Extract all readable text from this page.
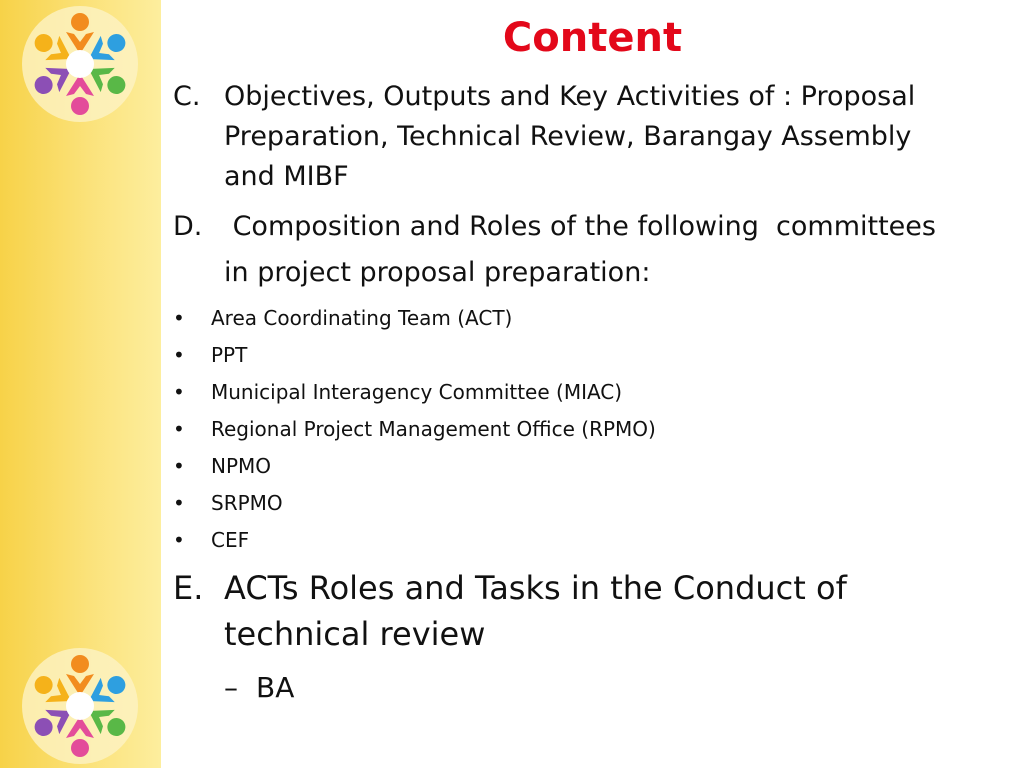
Content
C. Objectives, Outputs and Key Activities of : Proposal
Preparation, Technical Review, Barangay Assembly
and MIBF
D. Composition and Roles of the following  committees
in project proposal preparation:
• Area Coordinating Team (ACT)
• PPT
• Municipal Interagency Committee (MIAC)
• Regional Project Management Office (RPMO)
• NPMO
• SRPMO
• CEF
E. ACTs Roles and Tasks in the Conduct of
technical review
– BA
